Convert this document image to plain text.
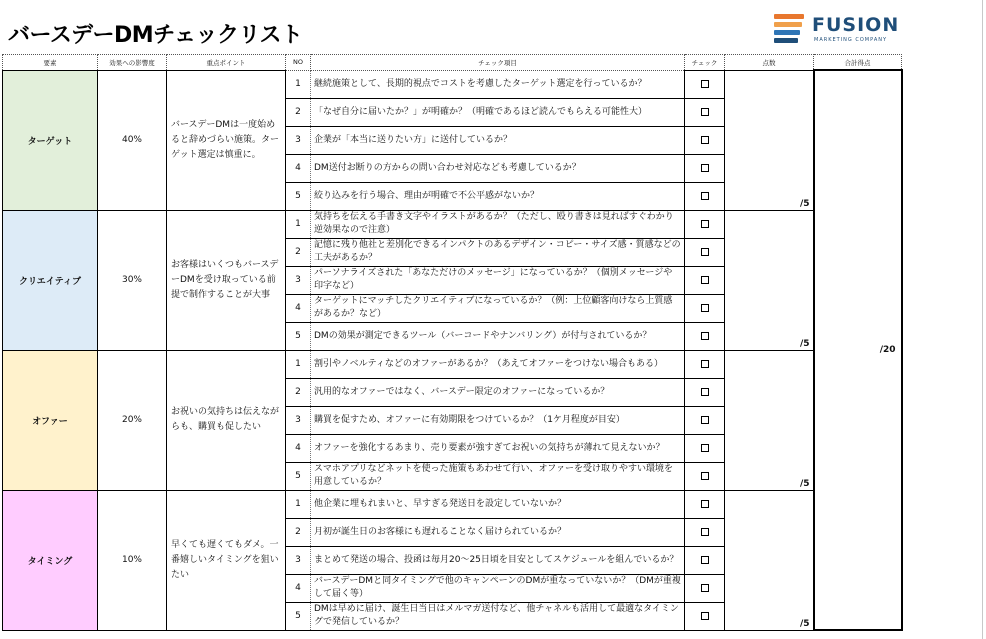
バースデーDMチェックリスト	FUSION
MARKETING COMPANY
要素	効果への影響度	重点ポイント	NO	チェック項目	チェック	点数	合計得点
ターゲット	40%	バースデーDMは一度始めると辞めづらい施策。ターゲット選定は慎重に。	1	継続施策として、長期的視点でコストを考慮したターゲット選定を行っているか？		/5	/20
			2	「なぜ自分に届いたか？」が明確か？（明確であるほど読んでもらえる可能性大）			
			3	企業が「本当に送りたい方」に送付しているか？			
			4	DM送付お断りの方からの問い合わせ対応なども考慮しているか？			
			5	絞り込みを行う場合、理由が明確で不公平感がないか？			
クリエイティブ	30%	お客様はいくつもバースデーDMを受け取っている前提で制作することが大事	1	気持ちを伝える手書き文字やイラストがあるか？（ただし、殴り書きは見ればすぐわかり逆効果なので注意）		/5	
			2	記憶に残り他社と差別化できるインパクトのあるデザイン・コピー・サイズ感・質感などの工夫があるか？			
			3	パーソナライズされた「あなただけのメッセージ」になっているか？（個別メッセージや印字など）			
			4	ターゲットにマッチしたクリエイティブになっているか？（例：上位顧客向けなら上質感があるか？など）			
			5	DMの効果が測定できるツール（バーコードやナンバリング）が付与されているか？			
オファー	20%	お祝いの気持ちは伝えながらも、購買も促したい	1	割引やノベルティなどのオファーがあるか？（あえてオファーをつけない場合もある）		/5	
			2	汎用的なオファーではなく、バースデー限定のオファーになっているか？			
			3	購買を促すため、オファーに有効期限をつけているか？（1ケ月程度が目安）			
			4	オファーを強化するあまり、売り要素が強すぎてお祝いの気持ちが薄れて見えないか？			
			5	スマホアプリなどネットを使った施策もあわせて行い、オファーを受け取りやすい環境を用意しているか？			
タイミング	10%	早くても遅くてもダメ。一番嬉しいタイミングを狙いたい	1	他企業に埋もれまいと、早すぎる発送日を設定していないか？		/5	
			2	月初が誕生日のお客様にも遅れることなく届けられているか？			
			3	まとめて発送の場合、投函は毎月20～25日頃を目安としてスケジュールを組んでいるか？			
			4	バースデーDMと同タイミングで他のキャンペーンのDMが重なっていないか？（DMが重複して届く等）			
			5	DMは早めに届け、誕生日当日はメルマガ送付など、他チャネルも活用して最適なタイミングで発信しているか？			
